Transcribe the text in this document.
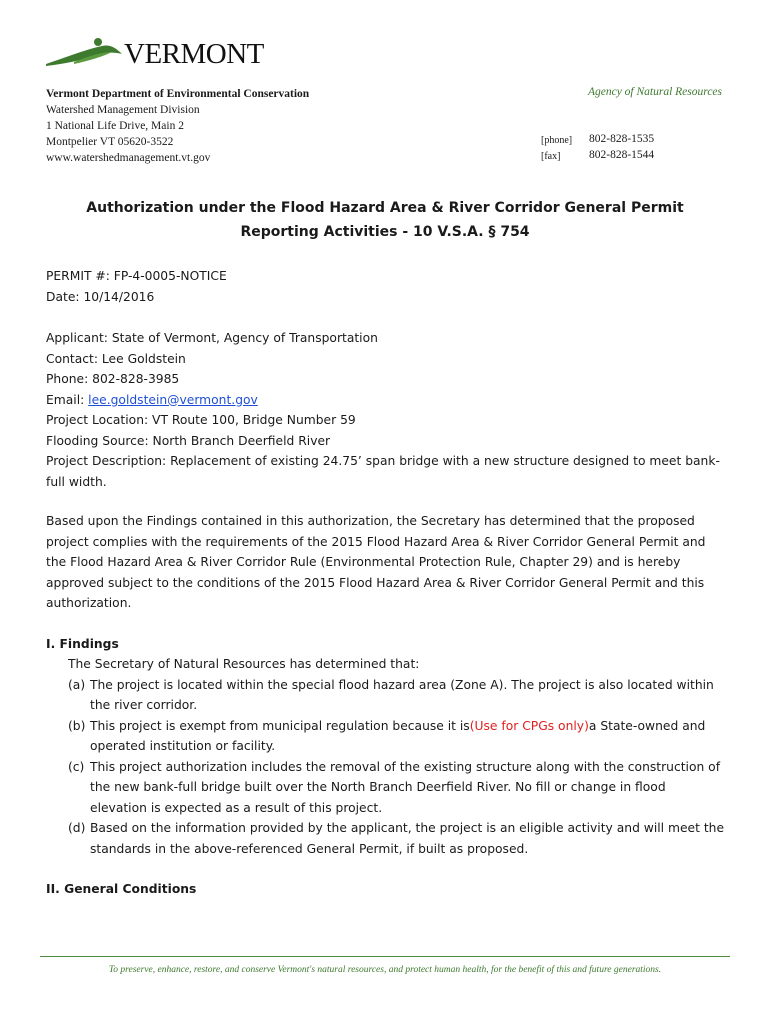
VERMONT
Vermont Department of Environmental Conservation
Watershed Management Division
1 National Life Drive, Main 2
Montpelier VT 05620-3522
www.watershedmanagement.vt.gov
Agency of Natural Resources
[phone] 802-828-1535
[fax] 802-828-1544
Authorization under the Flood Hazard Area & River Corridor General Permit
Reporting Activities - 10 V.S.A. § 754
PERMIT #: FP-4-0005-NOTICE
Date: 10/14/2016
Applicant: State of Vermont, Agency of Transportation
Contact: Lee Goldstein
Phone: 802-828-3985
Email: lee.goldstein@vermont.gov
Project Location: VT Route 100, Bridge Number 59
Flooding Source: North Branch Deerfield River
Project Description: Replacement of existing 24.75’ span bridge with a new structure designed to meet bank-
full width.
Based upon the Findings contained in this authorization, the Secretary has determined that the proposed
project complies with the requirements of the 2015 Flood Hazard Area & River Corridor General Permit and
the Flood Hazard Area & River Corridor Rule (Environmental Protection Rule, Chapter 29) and is hereby
approved subject to the conditions of the 2015 Flood Hazard Area & River Corridor General Permit and this
authorization.
I. Findings
The Secretary of Natural Resources has determined that:
(a) The project is located within the special flood hazard area (Zone A). The project is also located within
the river corridor.
(b) This project is exempt from municipal regulation because it is(Use for CPGs only)a State-owned and
operated institution or facility.
(c) This project authorization includes the removal of the existing structure along with the construction of
the new bank-full bridge built over the North Branch Deerfield River. No fill or change in flood
elevation is expected as a result of this project.
(d) Based on the information provided by the applicant, the project is an eligible activity and will meet the
standards in the above-referenced General Permit, if built as proposed.
II. General Conditions
To preserve, enhance, restore, and conserve Vermont's natural resources, and protect human health, for the benefit of this and future generations.
